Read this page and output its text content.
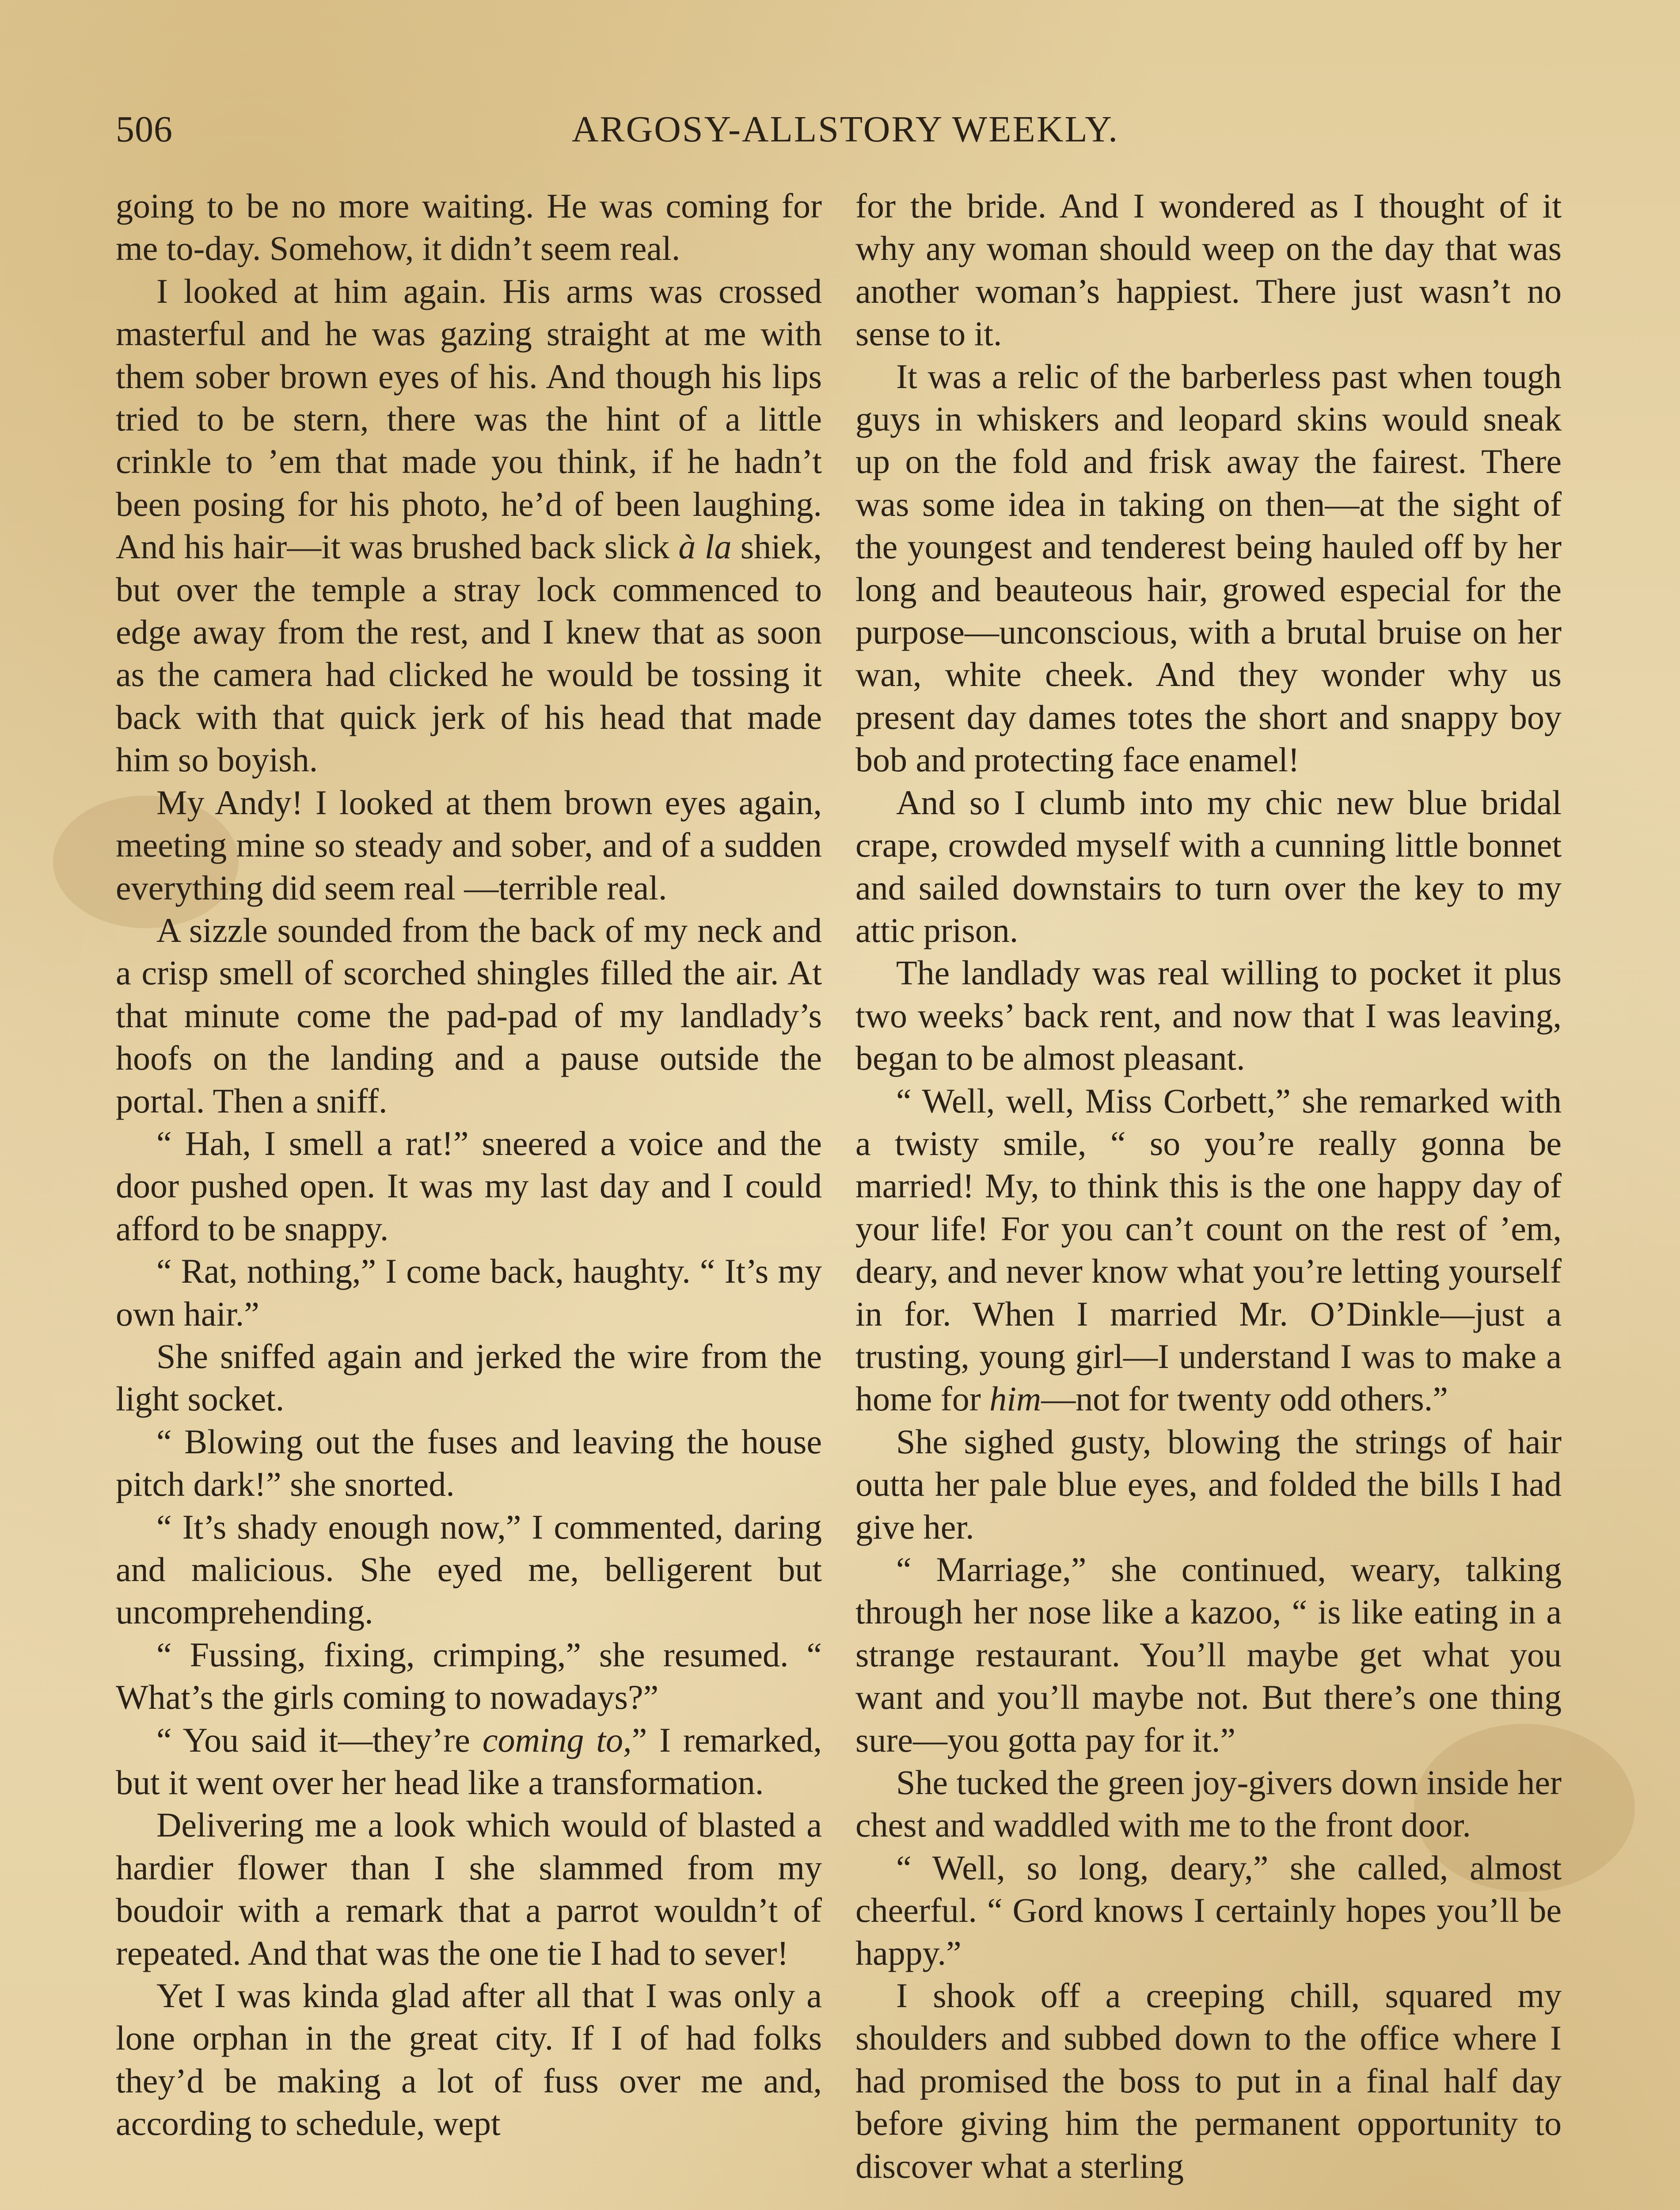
506	ARGOSY-ALLSTORY WEEKLY.

going to be no more waiting. He was coming for me to-day. Somehow, it didn’t seem real.

I looked at him again. His arms was crossed masterful and he was gazing straight at me with them sober brown eyes of his. And though his lips tried to be stern, there was the hint of a little crinkle to ’em that made you think, if he hadn’t been posing for his photo, he’d of been laughing. And his hair—it was brushed back slick à la shiek, but over the temple a stray lock commenced to edge away from the rest, and I knew that as soon as the camera had clicked he would be tossing it back with that quick jerk of his head that made him so boyish.

My Andy! I looked at them brown eyes again, meeting mine so steady and sober, and of a sudden everything did seem real —terrible real.

A sizzle sounded from the back of my neck and a crisp smell of scorched shingles filled the air. At that minute come the pad-pad of my landlady’s hoofs on the landing and a pause outside the portal. Then a sniff.

“ Hah, I smell a rat!” sneered a voice and the door pushed open. It was my last day and I could afford to be snappy.

“ Rat, nothing,” I come back, haughty. “ It’s my own hair.”

She sniffed again and jerked the wire from the light socket.

“ Blowing out the fuses and leaving the house pitch dark!” she snorted.

“ It’s shady enough now,” I commented, daring and malicious. She eyed me, belligerent but uncomprehending.

“ Fussing, fixing, crimping,” she resumed. “ What’s the girls coming to nowadays?”

“ You said it—they’re coming to,” I remarked, but it went over her head like a transformation.

Delivering me a look which would of blasted a hardier flower than I she slammed from my boudoir with a remark that a parrot wouldn’t of repeated. And that was the one tie I had to sever!

Yet I was kinda glad after all that I was only a lone orphan in the great city. If I of had folks they’d be making a lot of fuss over me and, according to schedule, wept

for the bride. And I wondered as I thought of it why any woman should weep on the day that was another woman’s happiest. There just wasn’t no sense to it.

It was a relic of the barberless past when tough guys in whiskers and leopard skins would sneak up on the fold and frisk away the fairest. There was some idea in taking on then—at the sight of the youngest and tenderest being hauled off by her long and beauteous hair, growed especial for the purpose—unconscious, with a brutal bruise on her wan, white cheek. And they wonder why us present day dames totes the short and snappy boy bob and protecting face enamel!

And so I clumb into my chic new blue bridal crape, crowded myself with a cunning little bonnet and sailed downstairs to turn over the key to my attic prison.

The landlady was real willing to pocket it plus two weeks’ back rent, and now that I was leaving, began to be almost pleasant.

“ Well, well, Miss Corbett,” she remarked with a twisty smile, “ so you’re really gonna be married! My, to think this is the one happy day of your life! For you can’t count on the rest of ’em, deary, and never know what you’re letting yourself in for. When I married Mr. O’Dinkle—just a trusting, young girl—I understand I was to make a home for him—not for twenty odd others.”

She sighed gusty, blowing the strings of hair outta her pale blue eyes, and folded the bills I had give her.

“ Marriage,” she continued, weary, talking through her nose like a kazoo, “ is like eating in a strange restaurant. You’ll maybe get what you want and you’ll maybe not. But there’s one thing sure—you gotta pay for it.”

She tucked the green joy-givers down inside her chest and waddled with me to the front door.

“ Well, so long, deary,” she called, almost cheerful. “ Gord knows I certainly hopes you’ll be happy.”

I shook off a creeping chill, squared my shoulders and subbed down to the office where I had promised the boss to put in a final half day before giving him the permanent opportunity to discover what a sterling
